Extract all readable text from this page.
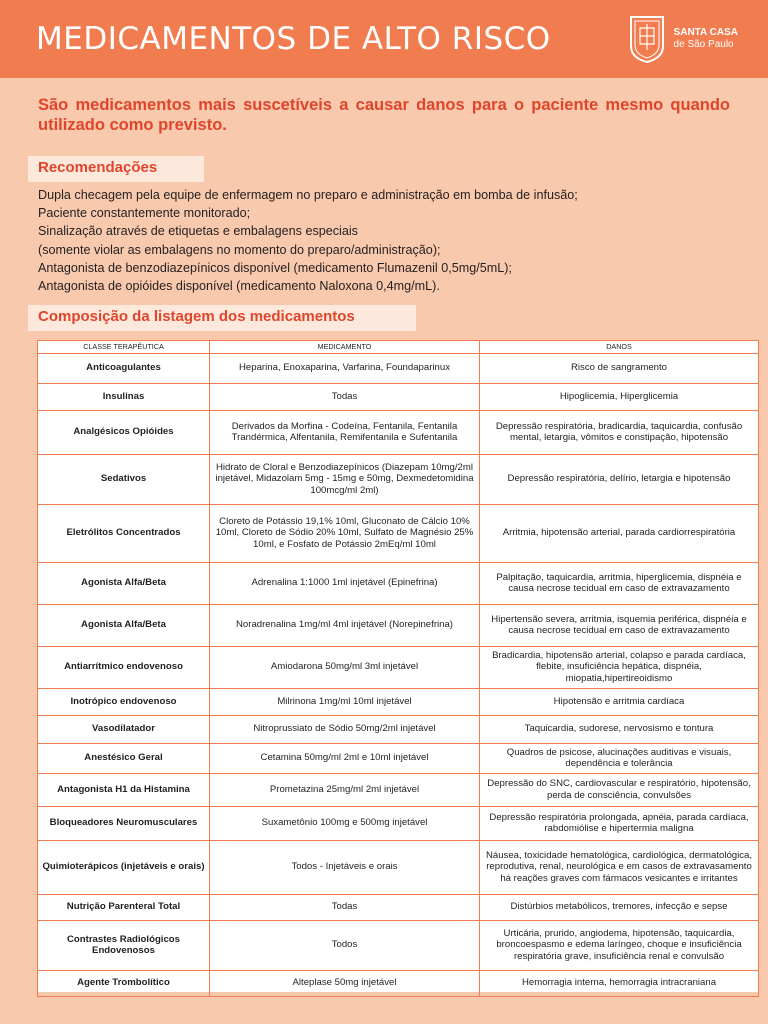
MEDICAMENTOS DE ALTO RISCO	SANTA CASA
de São Paulo

São medicamentos mais suscetíveis a causar danos para o paciente mesmo quando utilizado como previsto.

Recomendações
Dupla checagem pela equipe de enfermagem no preparo e administração em bomba de infusão;
Paciente constantemente monitorado;
Sinalização através de etiquetas e embalagens especiais
(somente violar as embalagens no momento do preparo/administração);
Antagonista de benzodiazepínicos disponível (medicamento Flumazenil 0,5mg/5mL);
Antagonista de opióides disponível (medicamento Naloxona 0,4mg/mL).
Composição da listagem dos medicamentos
CLASSE TERAPÊUTICA	MEDICAMENTO	DANOS
Anticoagulantes	Heparina, Enoxaparina, Varfarina, Foundaparinux	Risco de sangramento
Insulinas	Todas	Hipoglicemia, Hiperglicemia
Analgésicos Opióides	Derivados da Morfina - Codeína, Fentanila, Fentanila Trandérmica, Alfentanila, Remifentanila e Sufentanila	Depressão respiratória, bradicardia, taquicardia, confusão mental, letargia, vômitos e constipação, hipotensão
Sedativos	Hidrato de Cloral e Benzodiazepínicos (Diazepam 10mg/2ml injetável, Midazolam 5mg - 15mg e 50mg, Dexmedetomidina 100mcg/ml 2ml)	Depressão respiratória, delírio, letargia e hipotensão
Eletrólitos Concentrados	Cloreto de Potássio 19,1% 10ml, Gluconato de Cálcio 10% 10ml, Cloreto de Sódio 20% 10ml, Sulfato de Magnésio 25% 10ml, e Fosfato de Potássio 2mEq/ml 10ml	Arritmia, hipotensão arterial, parada cardiorrespiratória
Agonista Alfa/Beta	Adrenalina 1:1000 1ml injetável (Epinefrina)	Palpitação, taquicardia, arritmia, hiperglicemia, dispnéia e causa necrose tecidual em caso de extravazamento
Agonista Alfa/Beta	Noradrenalina 1mg/ml 4ml injetável (Norepinefrina)	Hipertensão severa, arritmia, isquemia periférica, dispnéia e causa necrose tecidual em caso de extravazamento
Antiarrítmico endovenoso	Amiodarona 50mg/ml 3ml injetável	Bradicardia, hipotensão arterial, colapso e parada cardíaca, flebite, insuficiência hepática, dispnéia, miopatia,hipertireoidismo
Inotrópico endovenoso	Milrinona 1mg/ml 10ml injetável	Hipotensão e arritmia cardíaca
Vasodilatador	Nitroprussiato de Sódio 50mg/2ml injetável	Taquicardia, sudorese, nervosismo e tontura
Anestésico Geral	Cetamina 50mg/ml 2ml e 10ml injetável	Quadros de psicose, alucinações auditivas e visuais, dependência e tolerância
Antagonista H1 da Histamina	Prometazina 25mg/ml 2ml injetável	Depressão do SNC, cardiovascular e respiratório, hipotensão, perda de consciência, convulsões
Bloqueadores Neuromusculares	Suxametônio 100mg e 500mg injetável	Depressão respiratória prolongada, apnéia, parada cardíaca, rabdomiólise e hipertermia maligna
Quimioterápicos (injetáveis e orais)	Todos - Injetáveis e orais	Náusea, toxicidade hematológica, cardiológica, dermatológica, reprodutiva, renal, neurológica e em casos de extravasamento há reações graves com fármacos vesicantes e irritantes
Nutrição Parenteral Total	Todas	Distúrbios metabólicos, tremores, infecção e sepse
Contrastes Radiológicos Endovenosos	Todos	Urticária, prurido, angiodema, hipotensão, taquicardia, broncoespasmo e edema laríngeo, choque e insuficiência respiratória grave, insuficiência renal e convulsão
Agente Trombolítico	Alteplase 50mg injetável	Hemorragia interna, hemorragia intracraniana
